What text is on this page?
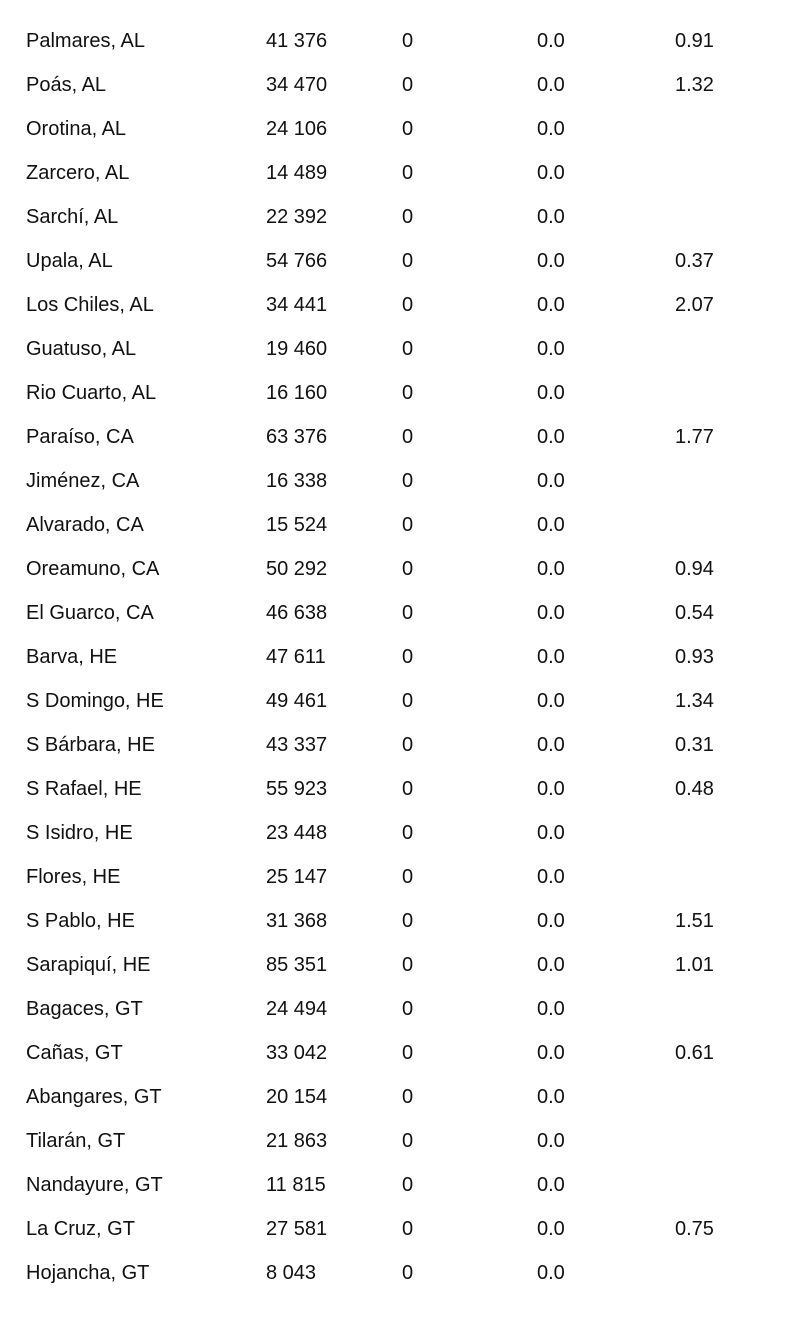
Palmares, AL	41 376	0	0.0	0.91
Poás, AL	34 470	0	0.0	1.32
Orotina, AL	24 106	0	0.0
Zarcero, AL	14 489	0	0.0
Sarchí, AL	22 392	0	0.0
Upala, AL	54 766	0	0.0	0.37
Los Chiles, AL	34 441	0	0.0	2.07
Guatuso, AL	19 460	0	0.0
Rio Cuarto, AL	16 160	0	0.0
Paraíso, CA	63 376	0	0.0	1.77
Jiménez, CA	16 338	0	0.0
Alvarado, CA	15 524	0	0.0
Oreamuno, CA	50 292	0	0.0	0.94
El Guarco, CA	46 638	0	0.0	0.54
Barva, HE	47 611	0	0.0	0.93
S Domingo, HE	49 461	0	0.0	1.34
S Bárbara, HE	43 337	0	0.0	0.31
S Rafael, HE	55 923	0	0.0	0.48
S Isidro, HE	23 448	0	0.0
Flores, HE	25 147	0	0.0
S Pablo, HE	31 368	0	0.0	1.51
Sarapiquí, HE	85 351	0	0.0	1.01
Bagaces, GT	24 494	0	0.0
Cañas, GT	33 042	0	0.0	0.61
Abangares, GT	20 154	0	0.0
Tilarán, GT	21 863	0	0.0
Nandayure, GT	11 815	0	0.0
La Cruz, GT	27 581	0	0.0	0.75
Hojancha, GT	8 043	0	0.0
